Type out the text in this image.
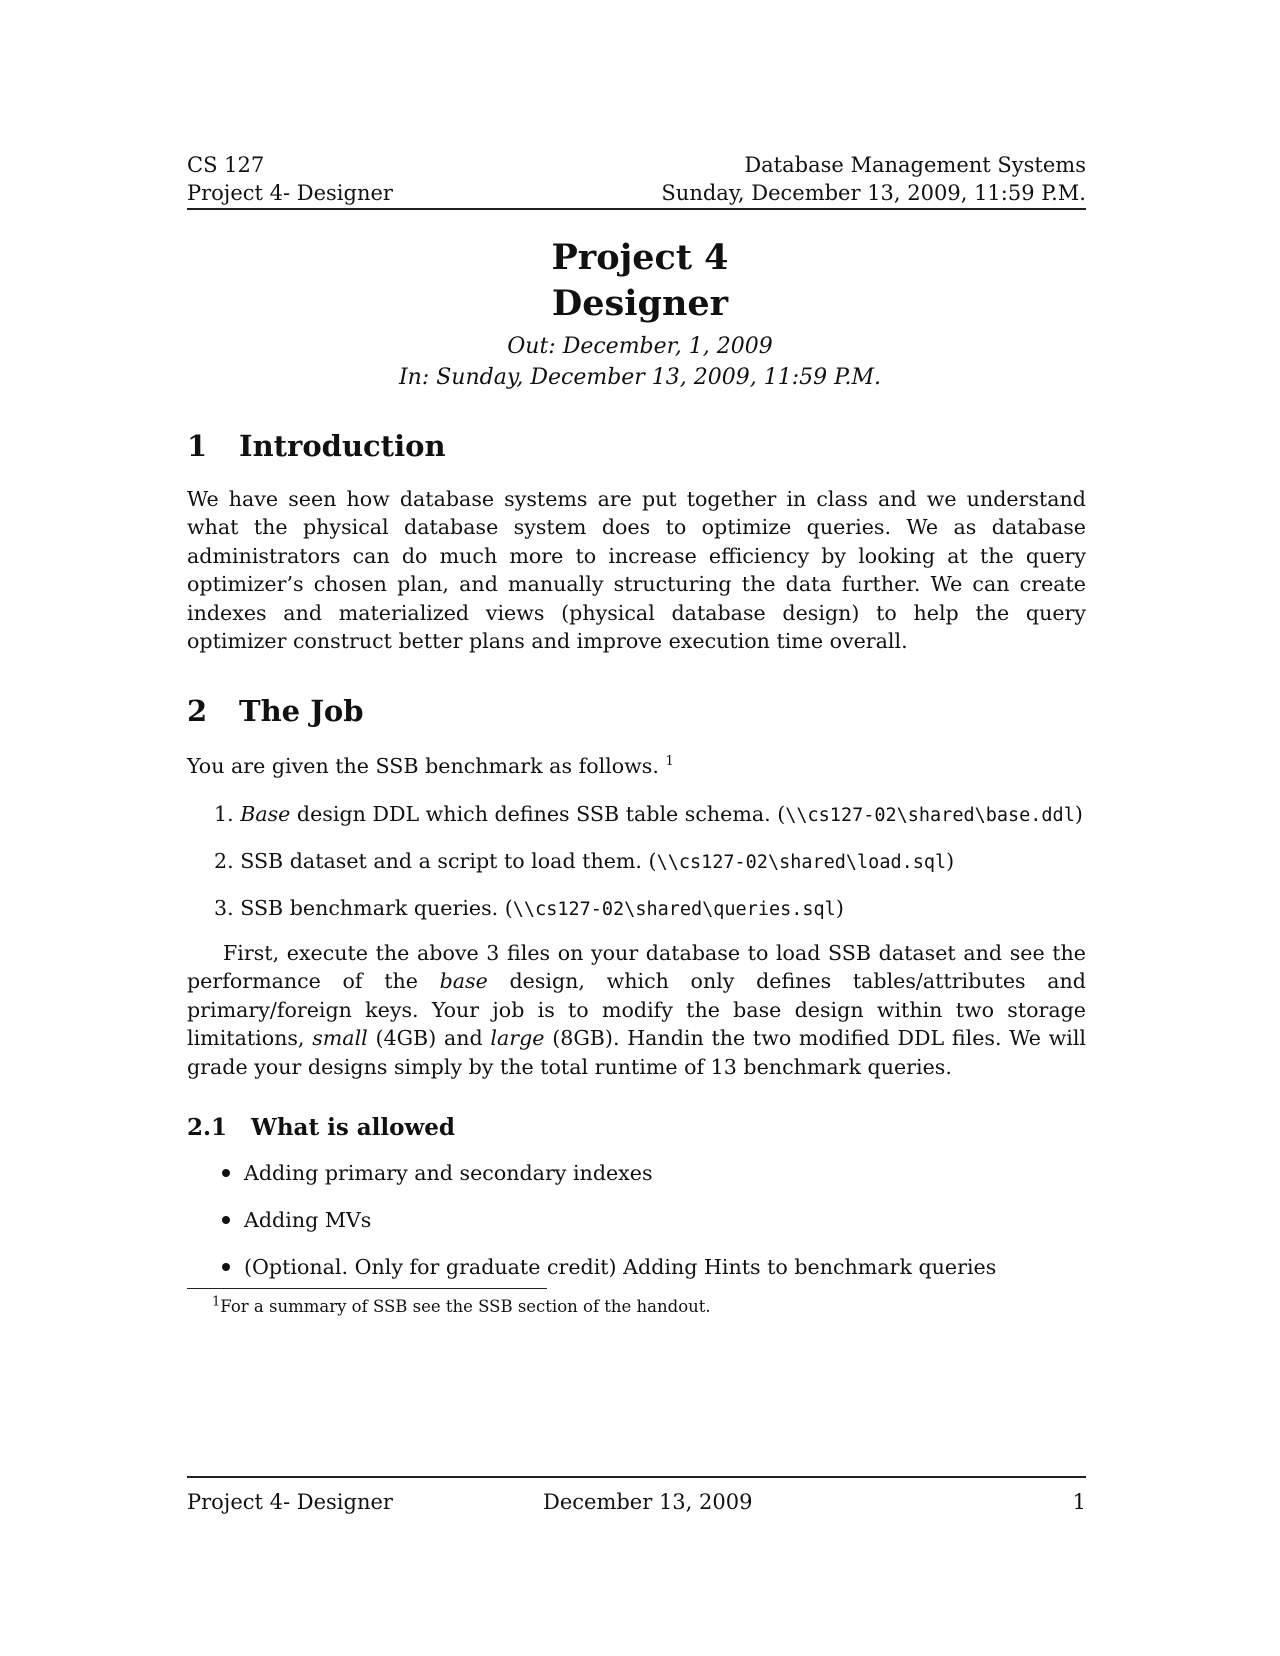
CS 127	Database Management Systems
Project 4- Designer	Sunday, December 13, 2009, 11:59 P.M.
Project 4
Designer
Out: December, 1, 2009
In: Sunday, December 13, 2009, 11:59 P.M.
1 Introduction

We have seen how database systems are put together in class and we understand what the physical database system does to optimize queries. We as database administrators can do much more to increase efficiency by looking at the query optimizer’s chosen plan, and manually structuring the data further. We can create indexes and materialized views (physical database design) to help the query optimizer construct better plans and improve execution time overall.

2 The Job
You are given the SSB benchmark as follows. $^1$
1. Base design DDL which defines SSB table schema. (\\cs127-02\shared\base.ddl)
2. SSB dataset and a script to load them. (\\cs127-02\shared\load.sql)
3. SSB benchmark queries. (\\cs127-02\shared\queries.sql)

First, execute the above 3 files on your database to load SSB dataset and see the performance of the base design, which only defines tables/attributes and primary/foreign keys. Your job is to modify the base design within two storage limitations, small (4GB) and large (8GB). Handin the two modified DDL files. We will grade your designs simply by the total runtime of 13 benchmark queries.

2.1 What is allowed
Adding primary and secondary indexes
Adding MVs
(Optional. Only for graduate credit) Adding Hints to benchmark queries
$^1$For a summary of SSB see the SSB section of the handout.
Project 4- Designer	December 13, 2009	1
